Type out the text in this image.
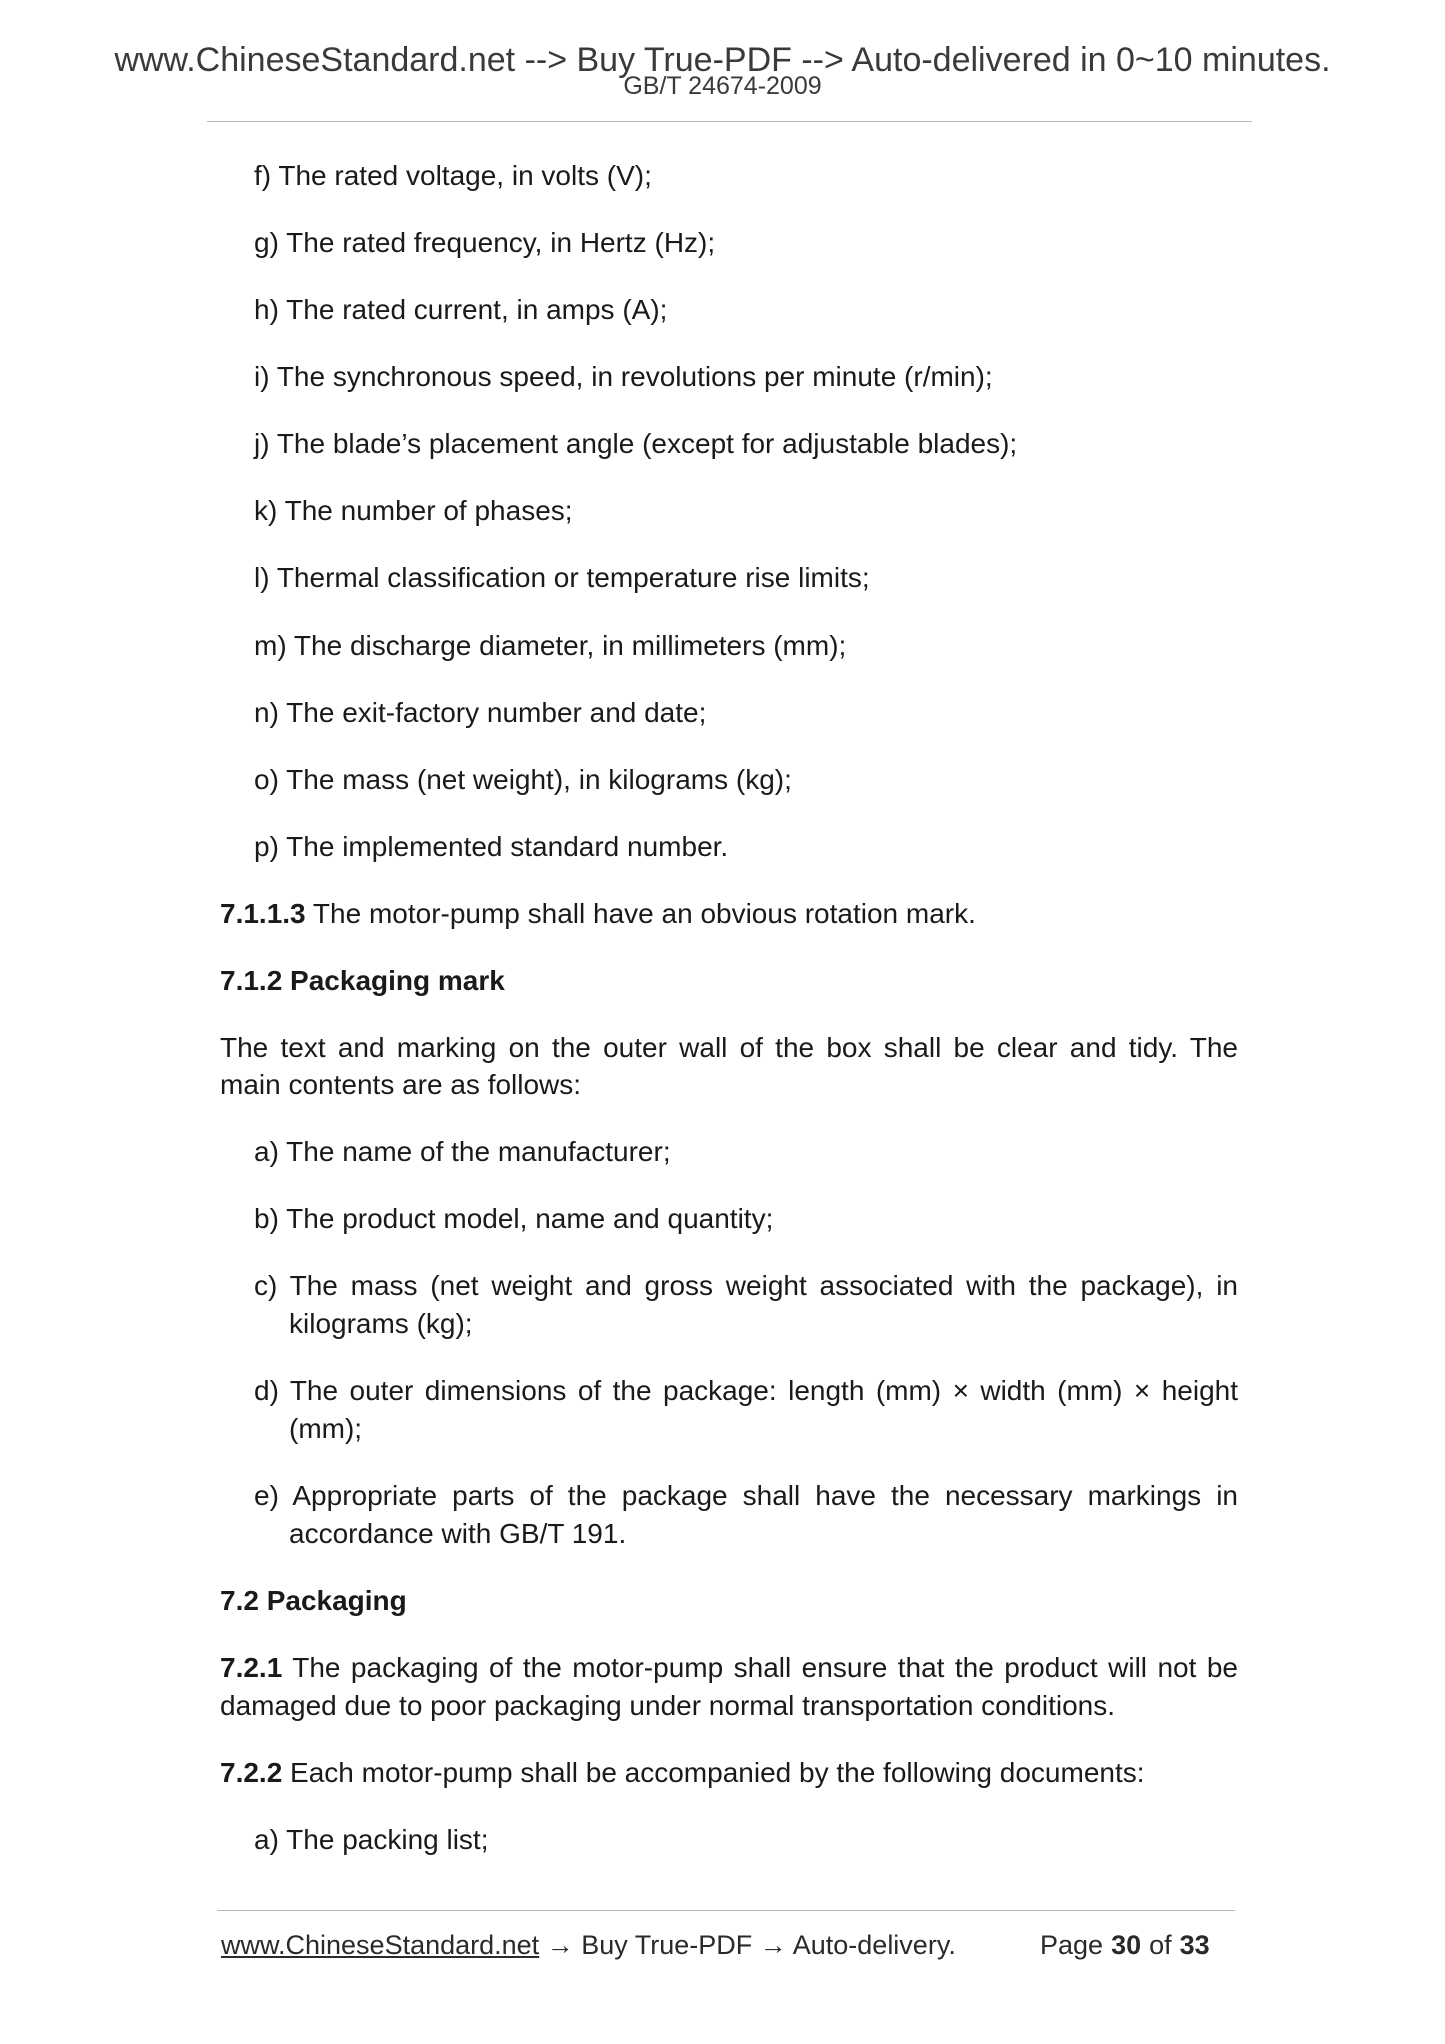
www.ChineseStandard.net --> Buy True-PDF --> Auto-delivered in 0~10 minutes.
GB/T 24674-2009
f) The rated voltage, in volts (V);
g) The rated frequency, in Hertz (Hz);
h) The rated current, in amps (A);
i) The synchronous speed, in revolutions per minute (r/min);
j) The blade’s placement angle (except for adjustable blades);
k) The number of phases;
l) Thermal classification or temperature rise limits;
m) The discharge diameter, in millimeters (mm);
n) The exit-factory number and date;
o) The mass (net weight), in kilograms (kg);
p) The implemented standard number.
7.1.1.3 The motor-pump shall have an obvious rotation mark.
7.1.2 Packaging mark
The text and marking on the outer wall of the box shall be clear and tidy. The
main contents are as follows:
a) The name of the manufacturer;
b) The product model, name and quantity;
c) The mass (net weight and gross weight associated with the package), in
kilograms (kg);
d) The outer dimensions of the package: length (mm) × width (mm) × height
(mm);
e) Appropriate parts of the package shall have the necessary markings in
accordance with GB/T 191.
7.2 Packaging
7.2.1 The packaging of the motor-pump shall ensure that the product will not be
damaged due to poor packaging under normal transportation conditions.
7.2.2 Each motor-pump shall be accompanied by the following documents:
a) The packing list;
www.ChineseStandard.net → Buy True-PDF → Auto-delivery.	Page 30 of 33
